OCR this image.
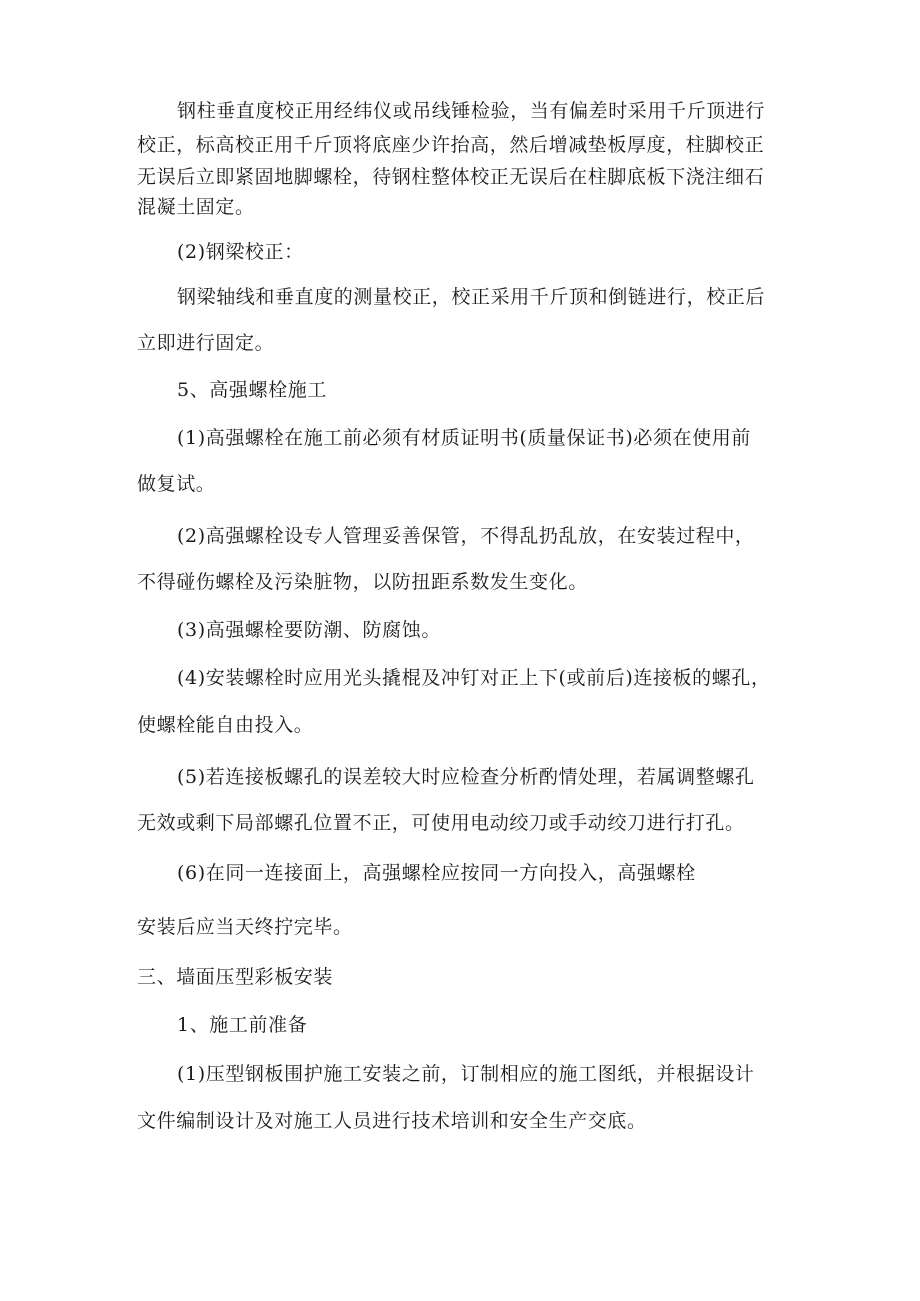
钢柱垂直度校正用经纬仪或吊线锤检验，当有偏差时采用千斤顶进行
校正，标高校正用千斤顶将底座少许抬高，然后增减垫板厚度，柱脚校正
无误后立即紧固地脚螺栓，待钢柱整体校正无误后在柱脚底板下浇注细石
混凝土固定。
(2)钢梁校正：
钢梁轴线和垂直度的测量校正，校正采用千斤顶和倒链进行，校正后
立即进行固定。
5、高强螺栓施工
(1)高强螺栓在施工前必须有材质证明书(质量保证书)必须在使用前
做复试。
(2)高强螺栓设专人管理妥善保管，不得乱扔乱放，在安装过程中，
不得碰伤螺栓及污染脏物，以防扭距系数发生变化。
(3)高强螺栓要防潮、防腐蚀。
(4)安装螺栓时应用光头撬棍及冲钉对正上下(或前后)连接板的螺孔，
使螺栓能自由投入。
(5)若连接板螺孔的误差较大时应检查分析酌情处理，若属调整螺孔
无效或剩下局部螺孔位置不正，可使用电动绞刀或手动绞刀进行打孔。
(6)在同一连接面上，高强螺栓应按同一方向投入，高强螺栓
安装后应当天终拧完毕。
三、墙面压型彩板安装
1、施工前准备
(1)压型钢板围护施工安装之前，订制相应的施工图纸，并根据设计
文件编制设计及对施工人员进行技术培训和安全生产交底。
